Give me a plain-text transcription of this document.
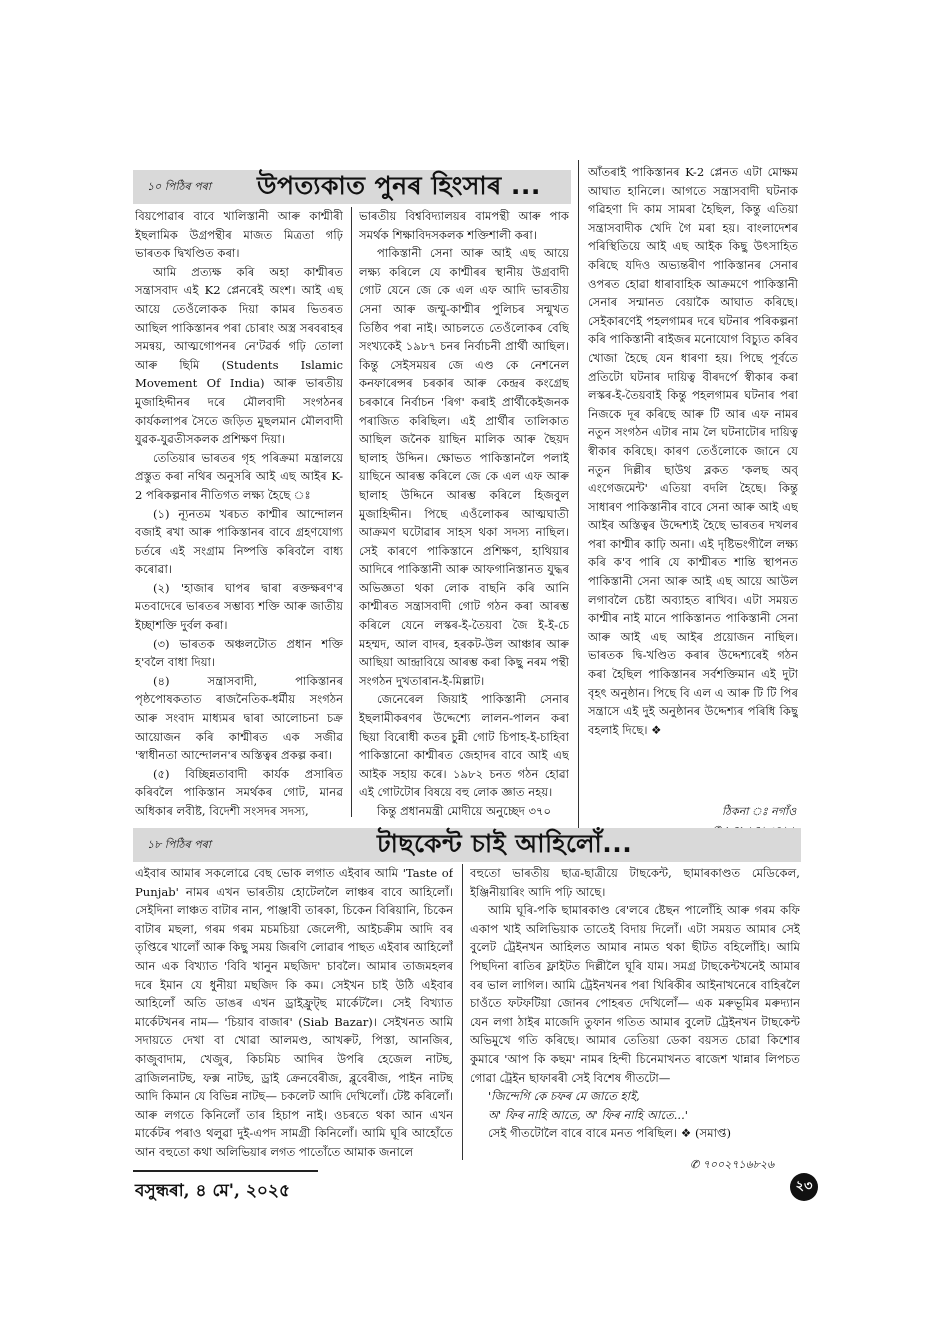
১০ পিঠিৰ পৰা	উপত্যকাত পুনৰ হিংসাৰ ...

বিয়পোৱাৰ বাবে খালিস্তানী আৰু কাশ্মীৰী ইছলামিক উগ্ৰপন্থীৰ মাজত মিত্ৰতা গঢ়ি ভাৰতক দ্বিখণ্ডিত কৰা।

আমি প্ৰত্যক্ষ কৰি অহা কাশ্মীৰত সন্ত্ৰাসবাদ এই K2 প্লেনৰেই অংশ। আই এছ আয়ে তেওঁলোকক দিয়া কামৰ ভিতৰত আছিল পাকিস্তানৰ পৰা চোৰাং অস্ত্ৰ সৰবৰাহৰ সমন্বয়, আত্মগোপনৰ নে'টৱৰ্ক গঢ়ি তোলা আৰু ছিমি (Students Islamic Movement Of India) আৰু ভাৰতীয় মুজাহিদ্দীনৰ দৰে মৌলবাদী সংগঠনৰ কাৰ্যকলাপৰ সৈতে জড়িত মুছলমান মৌলবাদী যুৱক-যুৱতীসকলক প্ৰশিক্ষণ দিয়া।

তেতিয়াৰ ভাৰতৰ গৃহ পৰিক্ৰমা মন্ত্ৰালয়ে প্ৰস্তুত কৰা নথিৰ অনুসৰি আই এছ আইৰ K-2 পৰিকল্পনাৰ নীতিগত লক্ষ্য হৈছে ঃ

(১) ন্যূনতম খৰচত কাশ্মীৰ আন্দোলন বজাই ৰখা আৰু পাকিস্তানৰ বাবে গ্ৰহণযোগ্য চৰ্তৰে এই সংগ্ৰাম নিষ্পত্তি কৰিবলৈ বাধ্য কৰোৱা।

(২) 'হাজাৰ ঘাপৰ দ্বাৰা ৰক্তক্ষৰণ'ৰ মতবাদেৰে ভাৰতৰ সম্ভাব্য শক্তি আৰু জাতীয় ইচ্ছাশক্তি দুৰ্বল কৰা।

(৩) ভাৰতক অঞ্চলটোত প্ৰধান শক্তি হ'বলৈ বাধা দিয়া।

(৪) সন্ত্ৰাসবাদী, পাকিস্তানৰ পৃষ্ঠপোষকতাত ৰাজনৈতিক-ধৰ্মীয় সংগঠন আৰু সংবাদ মাধ্যমৰ দ্বাৰা আলোচনা চক্ৰ আয়োজন কৰি কাশ্মীৰত এক সজীৱ 'স্বাধীনতা আন্দোলন'ৰ অস্তিত্বৰ প্ৰকল্প কৰা।

(৫) বিচ্ছিন্নতাবাদী কাৰ্যক প্ৰসাৰিত কৰিবলৈ পাকিস্তান সমৰ্থকৰ গোট, মানৱ অধিকাৰ লবীষ্ট, বিদেশী সংসদৰ সদস্য,

ভাৰতীয় বিশ্ববিদ্যালয়ৰ বামপন্থী আৰু পাক সমৰ্থক শিক্ষাবিদসকলক শক্তিশালী কৰা।

পাকিস্তানী সেনা আৰু আই এছ আয়ে লক্ষ্য কৰিলে যে কাশ্মীৰৰ স্থানীয় উগ্ৰবাদী গোট যেনে জে কে এল এফ আদি ভাৰতীয় সেনা আৰু জম্মু-কাশ্মীৰ পুলিচৰ সন্মুখত তিষ্ঠিব পৰা নাই। আচলতে তেওঁলোকৰ বেছি সংখ্যকেই ১৯৮৭ চনৰ নিৰ্বাচনী প্ৰাৰ্থী আছিল। কিন্তু সেইসময়ৰ জে এণ্ড কে নেশনেল কনফাৰেন্সৰ চৰকাৰ আৰু কেন্দ্ৰৰ কংগ্ৰেছ চৰকাৰে নিৰ্বাচন 'ৰিগ' কৰাই প্ৰাৰ্থীকেইজনক পৰাজিত কৰিছিল। এই প্ৰাৰ্থীৰ তালিকাত আছিল জনৈক য়াছিন মালিক আৰু ছৈয়দ ছালাহ উদ্দিন। ক্ষোভত পাকিস্তানলৈ পলাই য়াছিনে আৰম্ভ কৰিলে জে কে এল এফ আৰু ছালাহ উদ্দিনে আৰম্ভ কৰিলে হিজবুল মুজাহিদ্দীন। পিছে এওঁলোকৰ আত্মঘাতী আক্ৰমণ ঘটোৱাৰ সাহস থকা সদস্য নাছিল। সেই কাৰণে পাকিস্তানে প্ৰশিক্ষণ, হাথিয়াৰ আদিৰে পাকিস্তানী আৰু আফগানিস্তানত যুদ্ধৰ অভিজ্ঞতা থকা লোক বাছনি কৰি আনি কাশ্মীৰত সন্ত্ৰাসবাদী গোট গঠন কৰা আৰম্ভ কৰিলে যেনে লস্কৰ-ই-তৈয়বা জৈ ই-ই-চে মহম্মদ, আল বাদৰ, হৰকট-উল আঞ্চাৰ আৰু আছিয়া আন্দ্ৰাবিয়ে আৰম্ভ কৰা কিছু নৰম পন্থী সংগঠন দুখতাৰান-ই-মিল্লাট।

জেনেৰেল জিয়াই পাকিস্তানী সেনাৰ ইছলামীকৰণৰ উদ্দেশ্যে লালন-পালন কৰা ছিয়া বিৰোধী কতৰ চুন্নী গোট চিপাহ-ই-চাহিবা পাকিস্তানো কাশ্মীৰত জেহাদৰ বাবে আই এছ আইক সহায় কৰে। ১৯৮২ চনত গঠন হোৱা এই গোটটোৰ বিষয়ে বহু লোক জ্ঞাত নহয়।

কিন্তু প্ৰধানমন্ত্ৰী মোদীয়ে অনুচ্ছেদ ৩৭০

আঁতৰাই পাকিস্তানৰ K-2 প্লেনত এটা মোক্ষম আঘাত হানিলে। আগতে সন্ত্ৰাসবাদী ঘটনাক গৱিহণা দি কাম সামৰা হৈছিল, কিন্তু এতিয়া সন্ত্ৰাসবাদীক খেদি গৈ মৰা হয়। বাংলাদেশৰ পৰিস্থিতিয়ে আই এছ আইক কিছু উৎসাহিত কৰিছে যদিও অভ্যন্তৰীণ পাকিস্তানৰ সেনাৰ ওপৰত হোৱা ধাৰাবাহিক আক্ৰমণে পাকিস্তানী সেনাৰ সন্মানত বেয়াকৈ আঘাত কৰিছে। সেইকাৰণেই পহলগামৰ দৰে ঘটনাৰ পৰিকল্পনা কৰি পাকিস্তানী ৰাইজৰ মনোযোগ বিচ্যুত কৰিব খোজা হৈছে যেন ধাৰণা হয়। পিছে পূৰ্বতে প্ৰতিটো ঘটনাৰ দায়িত্ব বীৰদৰ্পে স্বীকাৰ কৰা লস্কৰ-ই-তৈয়বাই কিন্তু পহলগামৰ ঘটনাৰ পৰা নিজকে দূৰ কৰিছে আৰু টি আৰ এফ নামৰ নতুন সংগঠন এটাৰ নাম লৈ ঘটনাটোৰ দায়িত্ব স্বীকাৰ কৰিছে। কাৰণ তেওঁলোকে জানে যে নতুন দিল্লীৰ ছাউথ ব্লকত 'কলছ অব্‌ এংগেজমেন্ট' এতিয়া বদলি হৈছে। কিন্তু সাধাৰণ পাকিস্তানীৰ বাবে সেনা আৰু আই এছ আইৰ অস্তিত্বৰ উদ্দেশ্যই হৈছে ভাৰতৰ দখলৰ পৰা কাশ্মীৰ কাঢ়ি অনা। এই দৃষ্টিভংগীলৈ লক্ষ্য কৰি ক'ব পাৰি যে কাশ্মীৰত শান্তি স্থাপনত পাকিস্তানী সেনা আৰু আই এছ আয়ে আউল লগাবলৈ চেষ্টা অব্যাহত ৰাখিব। এটা সময়ত কাশ্মীৰ নাই মানে পাকিস্তানত পাকিস্তানী সেনা আৰু আই এছ আইৰ প্ৰয়োজন নাছিল। ভাৰতক দ্বি-খণ্ডিত কৰাৰ উদ্দেশ্যৰেই গঠন কৰা হৈছিল পাকিস্তানৰ সৰ্বশক্তিমান এই দুটা বৃহৎ অনুষ্ঠান। পিছে বি এল এ আৰু টি টি পিৰ সন্ত্ৰাসে এই দুই অনুষ্ঠানৰ উদ্দেশ্যৰ পৰিধি কিছু বহলাই দিছে। ❖

ঠিকনা ঃ নগাঁও
১৮ পিঠিৰ পৰা	টাছকেন্ট চাই আহিলোঁ...

এইবাৰ আমাৰ সকলোৱে বেছ ভোক লগাত এইবাৰ আমি 'Taste of Punjab' নামৰ এখন ভাৰতীয় হোটেললৈ লাঞ্চৰ বাবে আহিলোঁ। সেইদিনা লাঞ্চত বাটাৰ নান, পাঞ্জাবী তাৰকা, চিকেন বিৰিয়ানি, চিকেন বাটাৰ মছলা, গৰম গৰম মচমচিয়া জেলেপী, আইচক্ৰীম আদি বৰ তৃপ্তিৰে খালোঁ আৰু কিছু সময় জিৰণি লোৱাৰ পাছত এইবাৰ আহিলোঁ আন এক বিখ্যাত 'বিবি খানুন মছজিদ' চাবলৈ। আমাৰ তাজমহলৰ দৰে ইমান যে ধুনীয়া মছজিদ কি কম। সেইখন চাই উঠি এইবাৰ আহিলোঁ অতি ডাঙৰ এখন ড্ৰাইফ্ৰুট্‌ছ মাৰ্কেটলৈ। সেই বিখ্যাত মাৰ্কেটখনৰ নাম— 'চিয়াব বাজাৰ' (Siab Bazar)। সেইখনত আমি সদায়তে দেখা বা খোৱা আলমণ্ড, আখৰুট, পিস্তা, আনজিৰ, কাজুবাদাম, খেজুৰ, কিচমিচ আদিৰ উপৰি হেজেল নাটছ, ব্ৰাজিলনাটছ, ফক্স নাটছ, ড্ৰাই ক্ৰেনবেৰীজ, ব্লুবেৰীজ, পাইন নাটছ আদি কিমান যে বিভিন্ন নাটছ— চকলেট আদি দেখিলোঁ। টেষ্ট কৰিলোঁ। আৰু লগতে কিনিলোঁ তাৰ হিচাপ নাই। ওচৰতে থকা আন এখন মাৰ্কেটৰ পৰাও থলুৱা দুই-এপদ সামগ্ৰী কিনিলোঁ। আমি ঘূৰি আহোঁতে আন বহুতো কথা অলিভিয়াৰ লগত পাতোঁতে আমাক জনালে

বহুতো ভাৰতীয় ছাত্ৰ-ছাত্ৰীয়ে টাছকেন্ট, ছামাৰকাণ্ডত মেডিকেল, ইঞ্জিনীয়াৰিং আদি পঢ়ি আছে।

আমি ঘূৰি-পকি ছামাৰকাণ্ড ৰে'লৰে ষ্টেছন পালোঁহি আৰু গৰম কফি একাপ খাই অলিভিয়াক তাতেই বিদায় দিলোঁ। এটা সময়ত আমাৰ সেই বুলেট ট্ৰেইনখন আহিলত আমাৰ নামত থকা ছীটত বহিলোঁহি। আমি পিছদিনা ৰাতিৰ ফ্লাইটত দিল্লীলৈ ঘূৰি যাম। সমগ্ৰ টাছকেন্টখনেই আমাৰ বৰ ভাল লাগিল। আমি ট্ৰেইনখনৰ পৰা খিৰিকীৰ আইনাখনেৰে বাহিৰলৈ চাওঁতে ফটফটিয়া জোনৰ পোহৰত দেখিলোঁ— এক মৰুভূমিৰ মৰুদ্যান যেন লগা ঠাইৰ মাজেদি তুফান গতিত আমাৰ বুলেট ট্ৰেইনখন টাছকেন্ট অভিমুখে গতি কৰিছে। আমাৰ তেতিয়া ডেকা বয়সত চোৱা কিশোৰ কুমাৰে 'আপ কি কছম' নামৰ হিন্দী চিনেমাখনত ৰাজেশ খান্নাৰ লিপচত গোৱা ট্ৰেইন ছাফাৰৰী সেই বিশেষ গীতটো—

'জিন্দেগি কে চফৰ মে জাতে হাই,

অ' ফিৰ নাহি আতে, অ' ফিৰ নাহি আতে...'

সেই গীতটোলৈ বাৰে বাৰে মনত পৰিছিল। ❖ (সমাপ্ত)

✆ ৭০০২৭১৬৮২৬
বসুন্ধৰা, ৪ মে', ২০২৫	২৩
